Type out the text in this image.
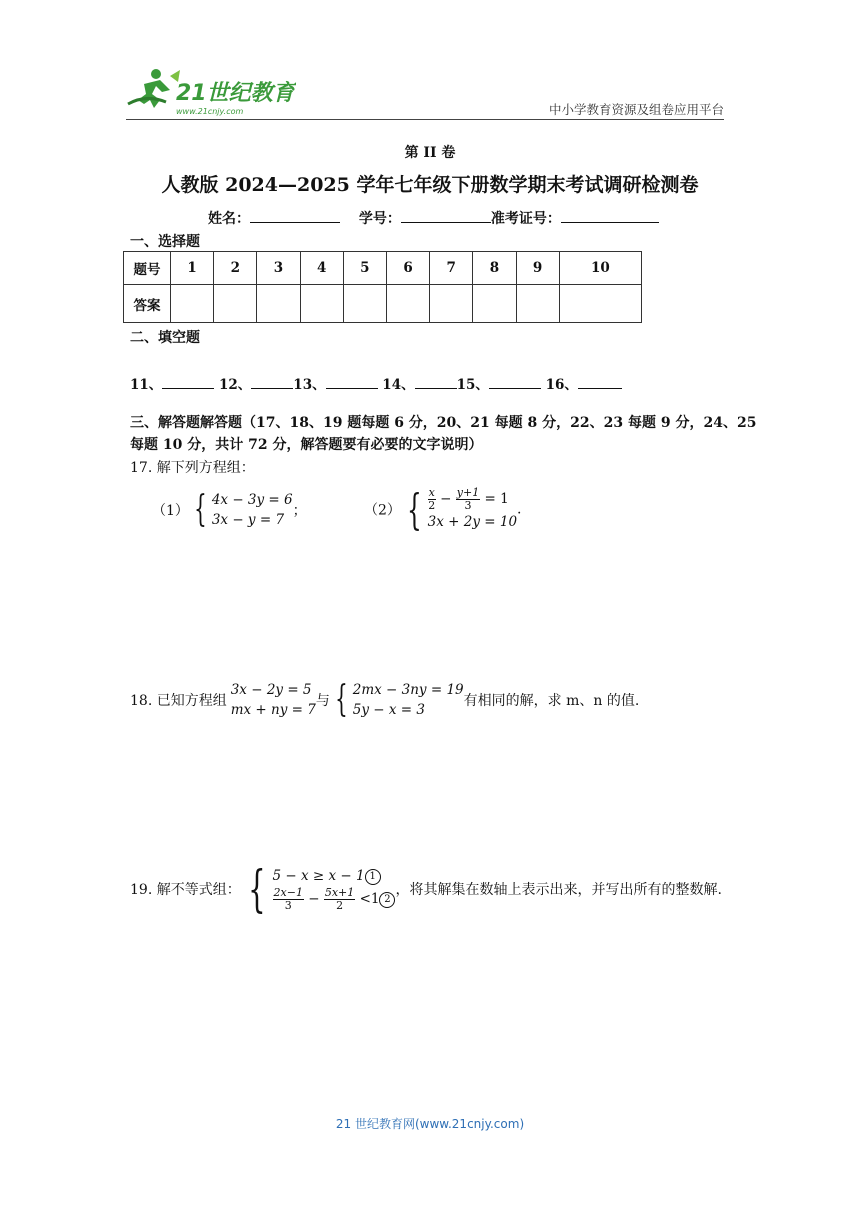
21世纪教育
www.21cnjy.com	中小学教育资源及组卷应用平台
第 II 卷
人教版 2024—2025 学年七年级下册数学期末考试调研检测卷
姓名：	学号：	准考证号：
一、选择题
题号	1	2	3	4	5	6	7	8	9	10
答案										
二、填空题
11、	12、	13、	14、	15、	16、
三、解答题解答题（17、18、19 题每题 6 分，20、21 每题 8 分，22、23 每题 9 分，24、25
每题 10 分，共计 72 分，解答题要有必要的文字说明）
17. 解下列方程组：
（1） { 4x − 3y = 6
3x − y = 7
；	（2） { $\frac{x}{2} - \frac{y+1}{3} = 1$
3x + 2y = 10
.
18. 已知方程组
3x − 2y = 5
mx + ny = 7
与 { 2mx − 3ny = 19
5y − x = 3
有相同的解，求 m、n 的值.
19. 解不等式组： { 5 − x ≥ x − 1 1
$\frac{2x-1}{3} - \frac{5x+1}{2} <1$ 2
，将其解集在数轴上表示出来，并写出所有的整数解.
21 世纪教育网(www.21cnjy.com)
